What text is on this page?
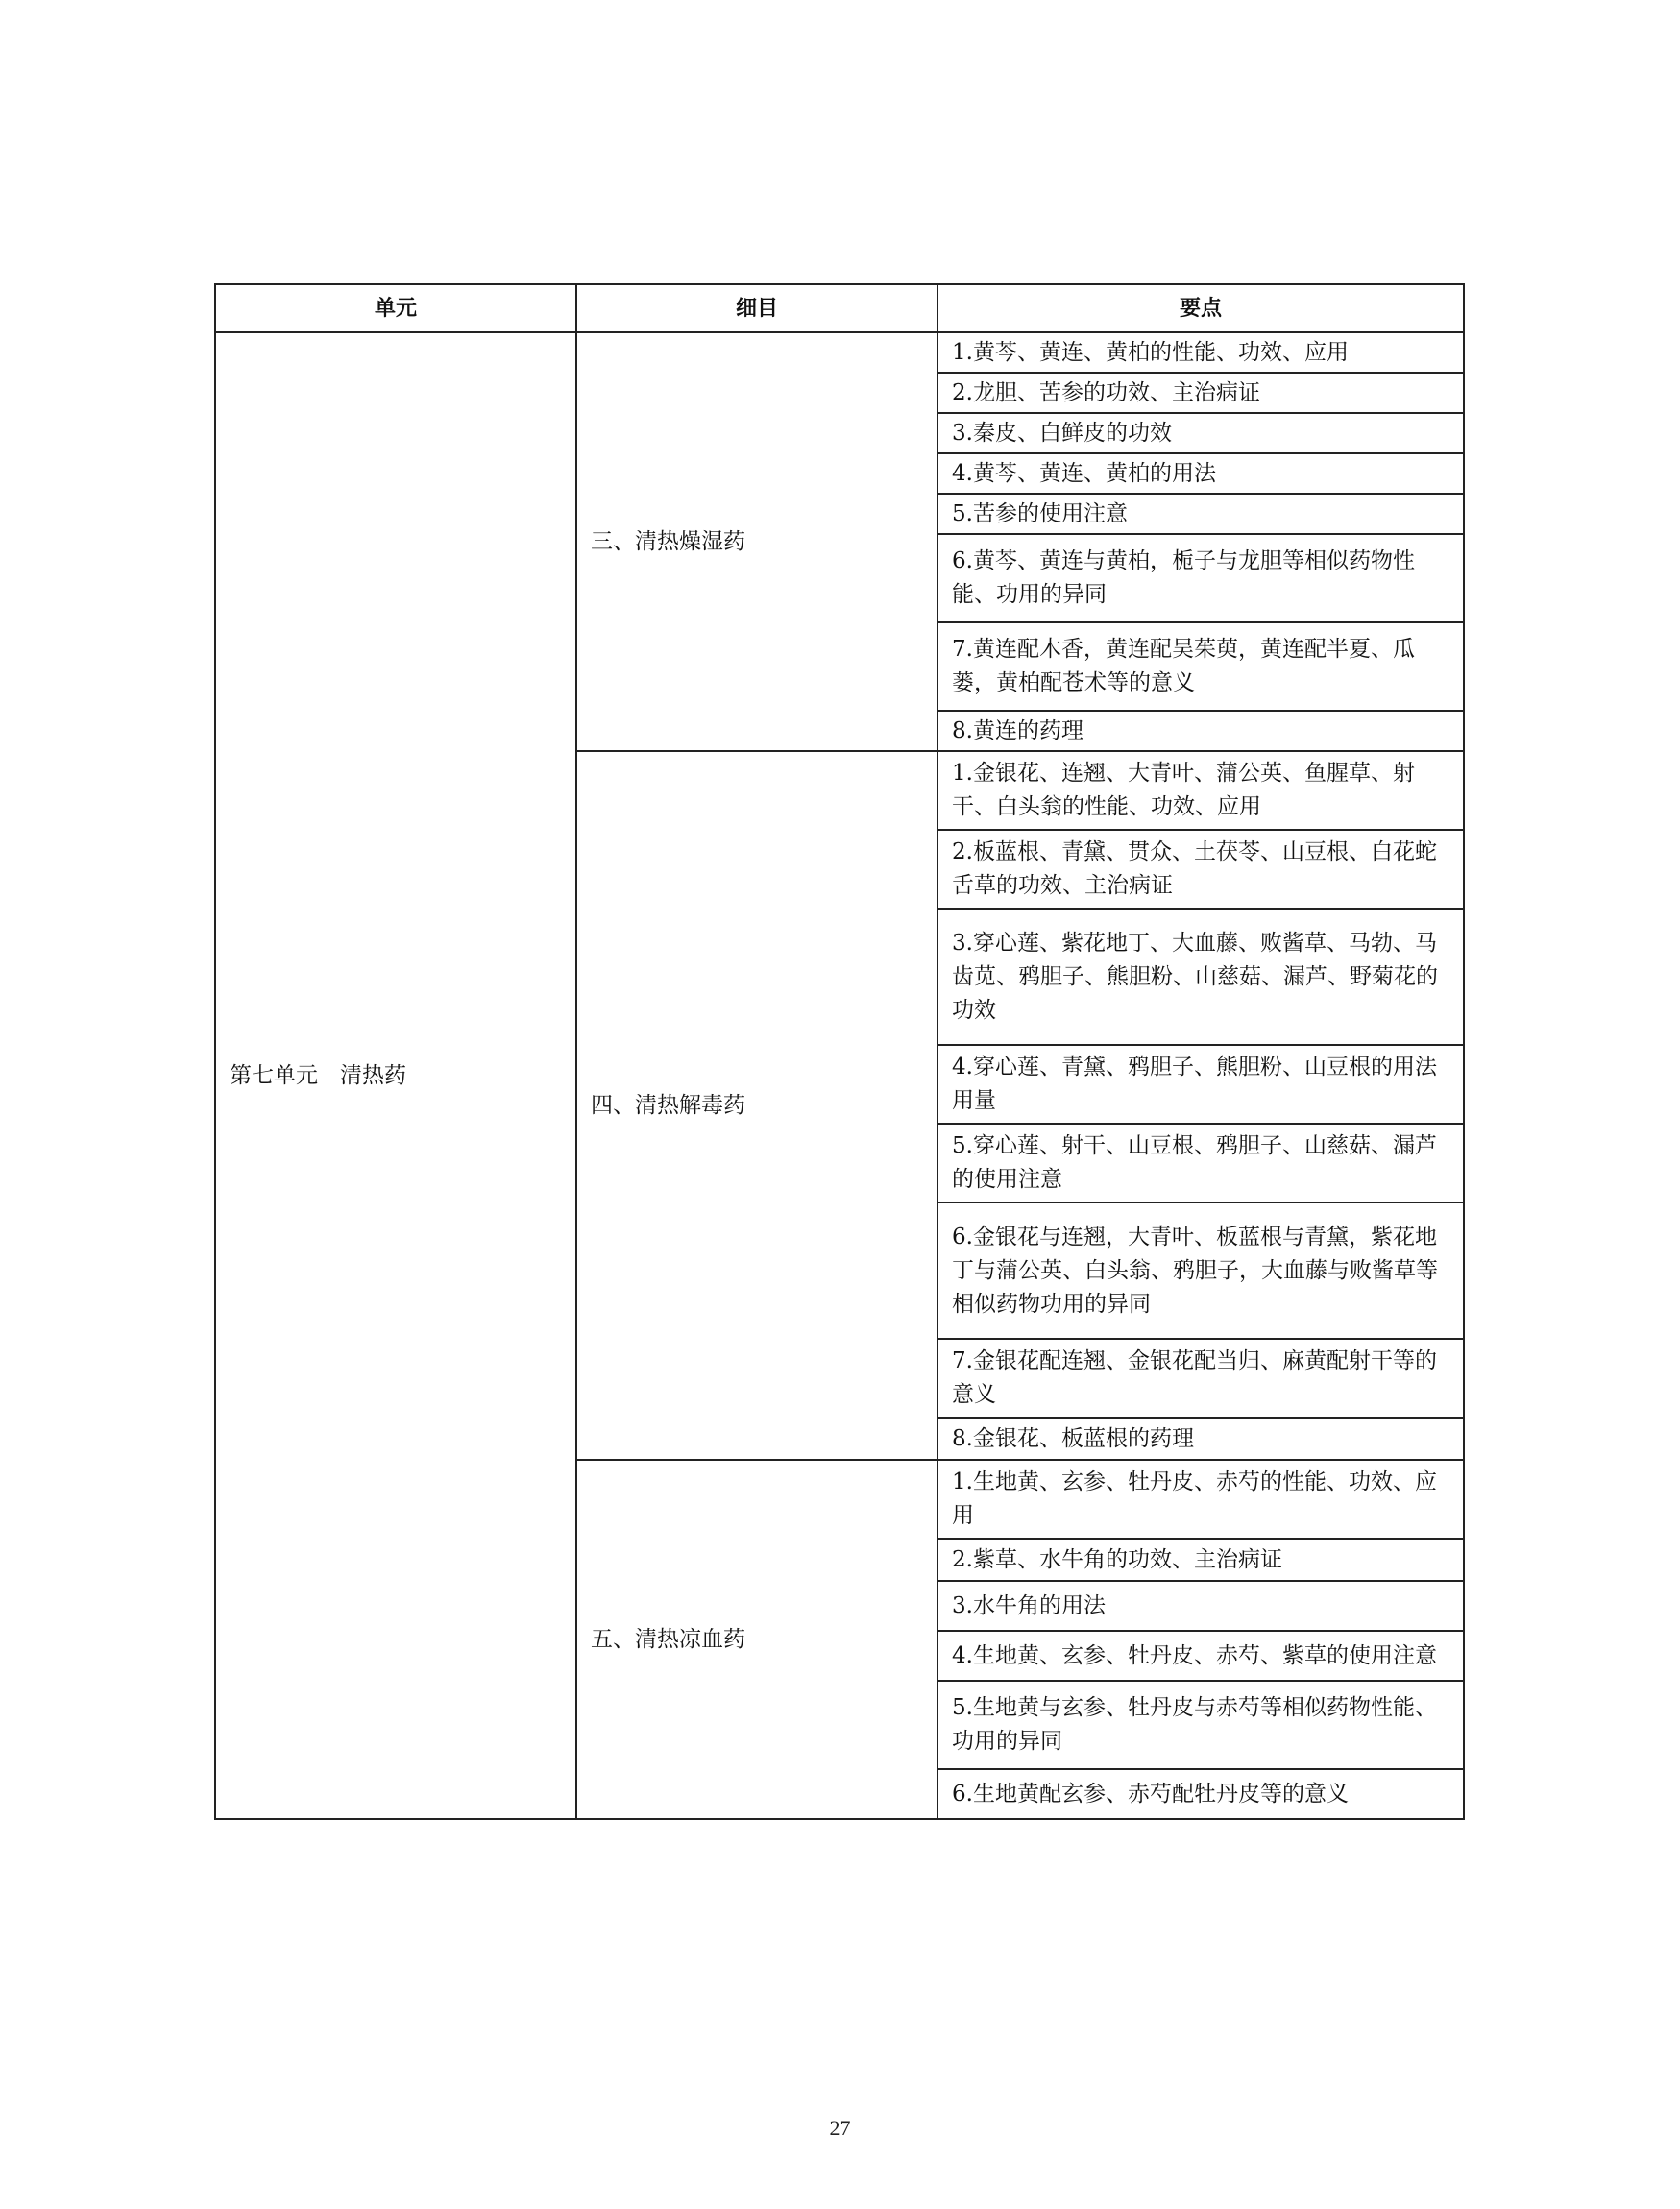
单元	细目	要点
第七单元　清热药	三、清热燥湿药	1.黄芩、黄连、黄柏的性能、功效、应用
		2.龙胆、苦参的功效、主治病证
		3.秦皮、白鲜皮的功效
		4.黄芩、黄连、黄柏的用法
		5.苦参的使用注意
		6.黄芩、黄连与黄柏，栀子与龙胆等相似药物性能、功用的异同
		7.黄连配木香，黄连配吴茱萸，黄连配半夏、瓜蒌，黄柏配苍术等的意义
		8.黄连的药理
	四、清热解毒药	1.金银花、连翘、大青叶、蒲公英、鱼腥草、射干、白头翁的性能、功效、应用
		2.板蓝根、青黛、贯众、土茯苓、山豆根、白花蛇舌草的功效、主治病证
		3.穿心莲、紫花地丁、大血藤、败酱草、马勃、马齿苋、鸦胆子、熊胆粉、山慈菇、漏芦、野菊花的功效
		4.穿心莲、青黛、鸦胆子、熊胆粉、山豆根的用法用量
		5.穿心莲、射干、山豆根、鸦胆子、山慈菇、漏芦的使用注意
		6.金银花与连翘，大青叶、板蓝根与青黛，紫花地丁与蒲公英、白头翁、鸦胆子，大血藤与败酱草等相似药物功用的异同
		7.金银花配连翘、金银花配当归、麻黄配射干等的意义
		8.金银花、板蓝根的药理
	五、清热凉血药	1.生地黄、玄参、牡丹皮、赤芍的性能、功效、应用
		2.紫草、水牛角的功效、主治病证
		3.水牛角的用法
		4.生地黄、玄参、牡丹皮、赤芍、紫草的使用注意
		5.生地黄与玄参、牡丹皮与赤芍等相似药物性能、功用的异同
		6.生地黄配玄参、赤芍配牡丹皮等的意义
27
